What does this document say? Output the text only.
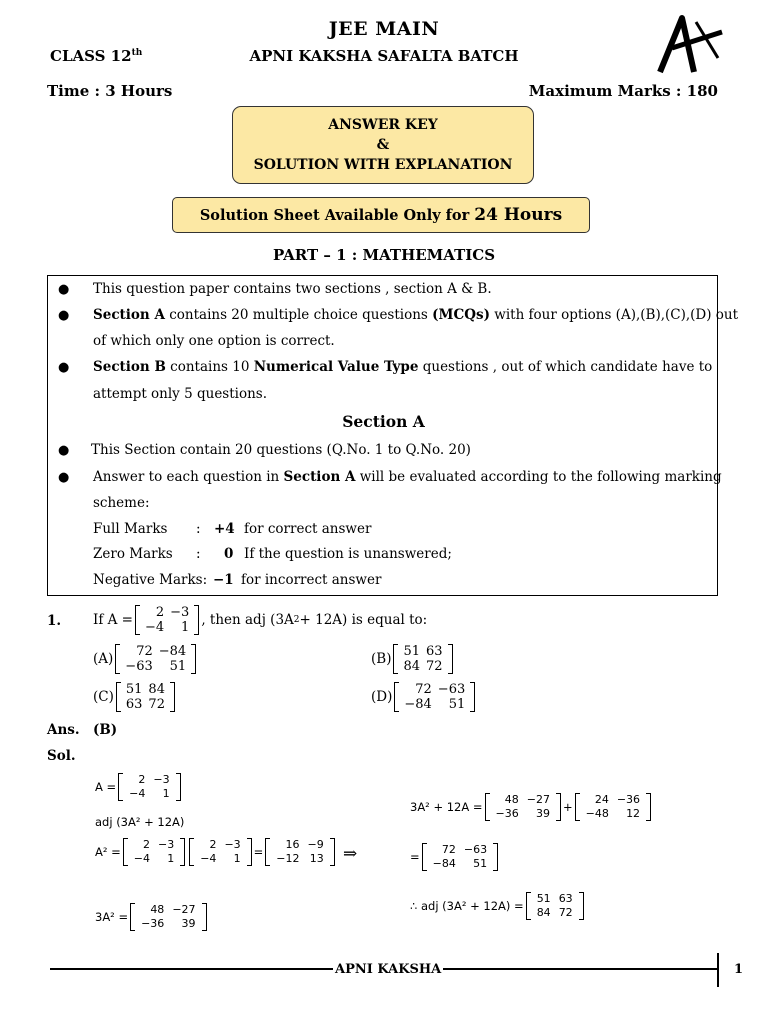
JEE MAIN
CLASS 12th	APNI KAKSHA SAFALTA BATCH
Time : 3 Hours	Maximum Marks : 180
ANSWER KEY
&
SOLUTION WITH EXPLANATION
Solution Sheet Available Only for 24 Hours
PART – 1 : MATHEMATICS
● This question paper contains two sections , section A & B.
● Section A contains 20 multiple choice questions (MCQs) with four options (A),(B),(C),(D) out
of which only one option is correct.
● Section B contains 10 Numerical Value Type questions , out of which candidate have to
attempt only 5 questions.
Section A
● This Section contain 20 questions (Q.No. 1 to Q.No. 20)
● Answer to each question in Section A will be evaluated according to the following marking
scheme:
Full Marks : +4 for correct answer
Zero Marks : 0 If the question is unanswered;
Negative Marks: −1 for incorrect answer
1. If A = 2	−3
−4	1 , then adj (3A 2 + 12A) is equal to:
(A) 72	−84
−63	51	(B) 51	63
84	72
(C) 51	84
63	72	(D) 72	−63
−84	51
Ans. (B)
Sol.
A =
2	−3
−4	1
adj (3A² + 12A)
A² =
2	−3
−4	1
2	−3
−4	1 =
16	−9
−12	13
3A² =
48	−27
−36	39
⇒
3A² + 12A =
48	−27
−36	39 +
24	−36
−48	12
=
72	−63
−84	51
∴ adj (3A² + 12A) =
51	63
84	72
APNI KAKSHA	1
